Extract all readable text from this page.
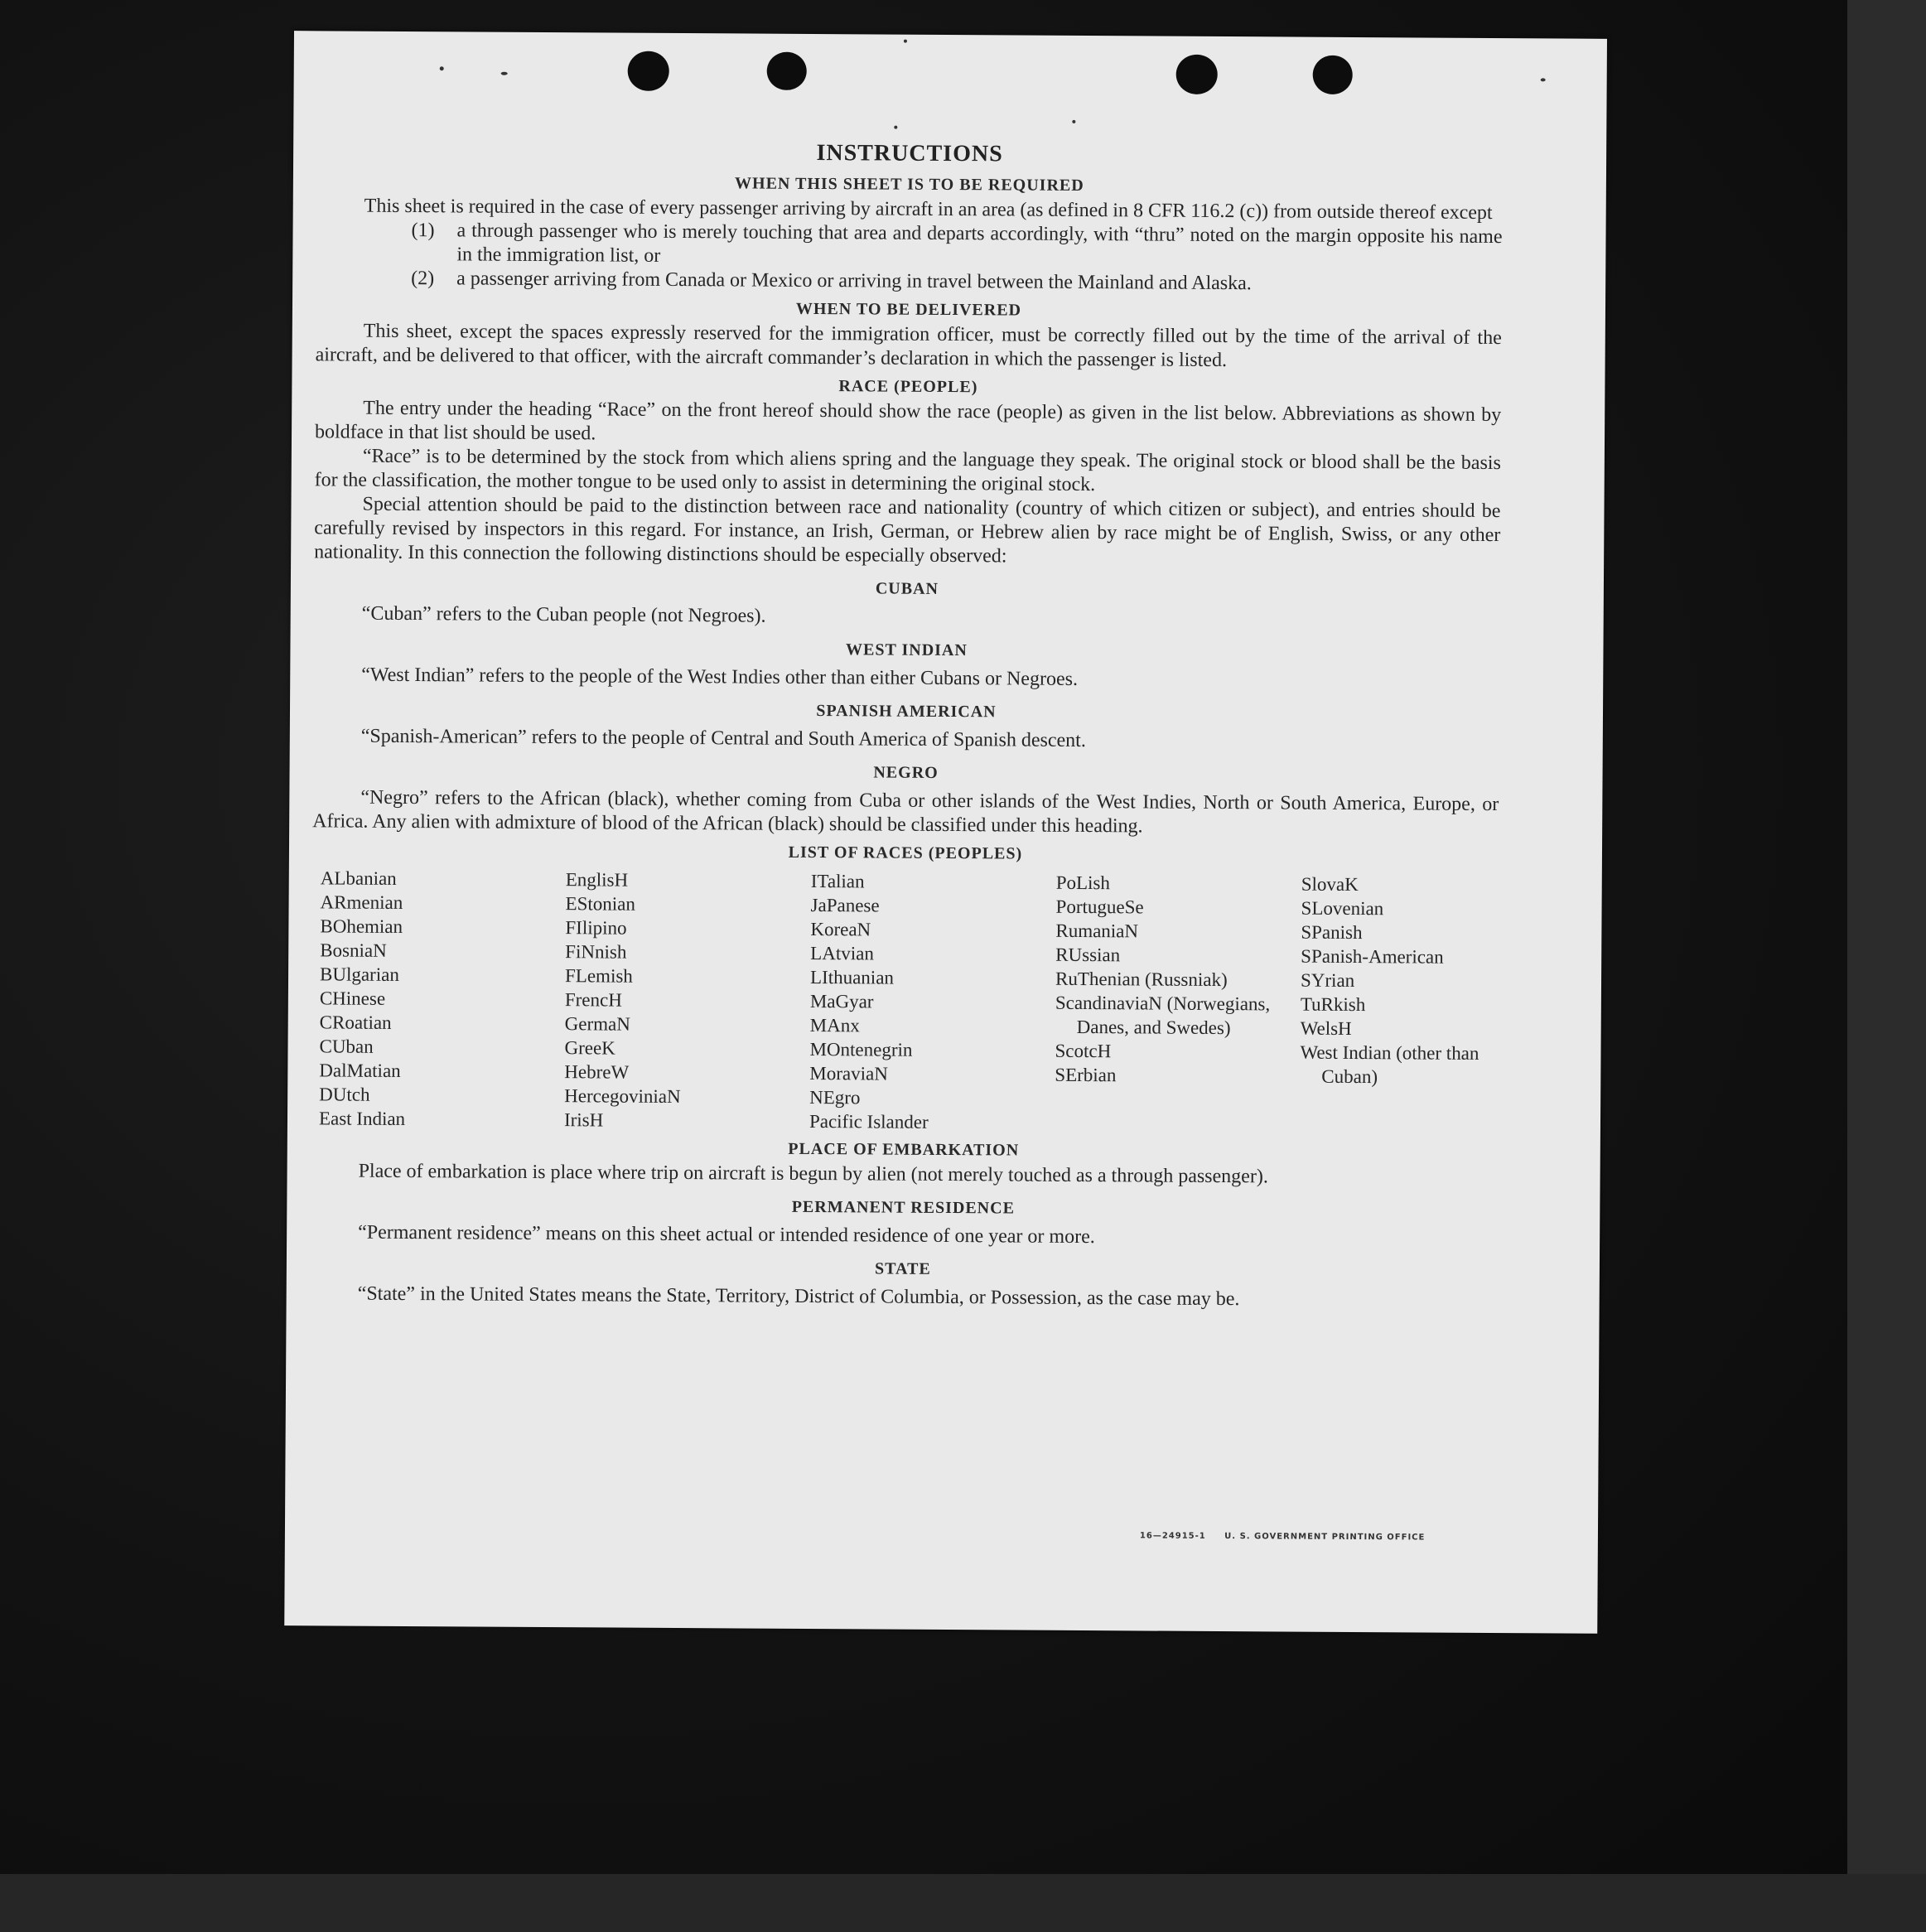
INSTRUCTIONS
WHEN THIS SHEET IS TO BE REQUIRED

This sheet is required in the case of every passenger arriving by aircraft in an area (as defined in 8 CFR 116.2 (c)) from outside thereof except

(1)	a through passenger who is merely touching that area and departs accordingly, with “thru” noted on the margin opposite his name in the immigration list, or
(2)	a passenger arriving from Canada or Mexico or arriving in travel between the Mainland and Alaska.
WHEN TO BE DELIVERED

This sheet, except the spaces expressly reserved for the immigration officer, must be correctly filled out by the time of the arrival of the aircraft, and be delivered to that officer, with the aircraft commander’s declaration in which the passenger is listed.

RACE (PEOPLE)

The entry under the heading “Race” on the front hereof should show the race (people) as given in the list below. Abbreviations as shown by boldface in that list should be used.

“Race” is to be determined by the stock from which aliens spring and the language they speak. The original stock or blood shall be the basis for the classification, the mother tongue to be used only to assist in determining the original stock.

Special attention should be paid to the distinction between race and nationality (country of which citizen or subject), and entries should be carefully revised by inspectors in this regard. For instance, an Irish, German, or Hebrew alien by race might be of English, Swiss, or any other nationality. In this connection the following distinctions should be especially observed:

CUBAN

“Cuban” refers to the Cuban people (not Negroes).

WEST INDIAN

“West Indian” refers to the people of the West Indies other than either Cubans or Negroes.

SPANISH AMERICAN

“Spanish-American” refers to the people of Central and South America of Spanish descent.

NEGRO

“Negro” refers to the African (black), whether coming from Cuba or other islands of the West Indies, North or South America, Europe, or Africa. Any alien with admixture of blood of the African (black) should be classified under this heading.

LIST OF RACES (PEOPLES)
ALbanian
ARmenian
BOhemian
BosniaN
BUlgarian
CHinese
CRoatian
CUban
DalMatian
DUtch
East Indian
EnglisH
EStonian
FIlipino
FiNnish
FLemish
FrencH
GermaN
GreeK
HebreW
HercegoviniaN
IrisH
ITalian
JaPanese
KoreaN
LAtvian
LIthuanian
MaGyar
MAnx
MOntenegrin
MoraviaN
NEgro
Pacific Islander
PoLish
PortugueSe
RumaniaN
RUssian
RuThenian (Russniak)
ScandinaviaN (Norwegians, Danes, and Swedes)
ScotcH
SErbian
SlovaK
SLovenian
SPanish
SPanish-American
SYrian
TuRkish
WelsH
West Indian (other than Cuban)
PLACE OF EMBARKATION

Place of embarkation is place where trip on aircraft is begun by alien (not merely touched as a through passenger).

PERMANENT RESIDENCE

“Permanent residence” means on this sheet actual or intended residence of one year or more.

STATE

“State” in the United States means the State, Territory, District of Columbia, or Possession, as the case may be.

16—24915-1 U. S. GOVERNMENT PRINTING OFFICE
